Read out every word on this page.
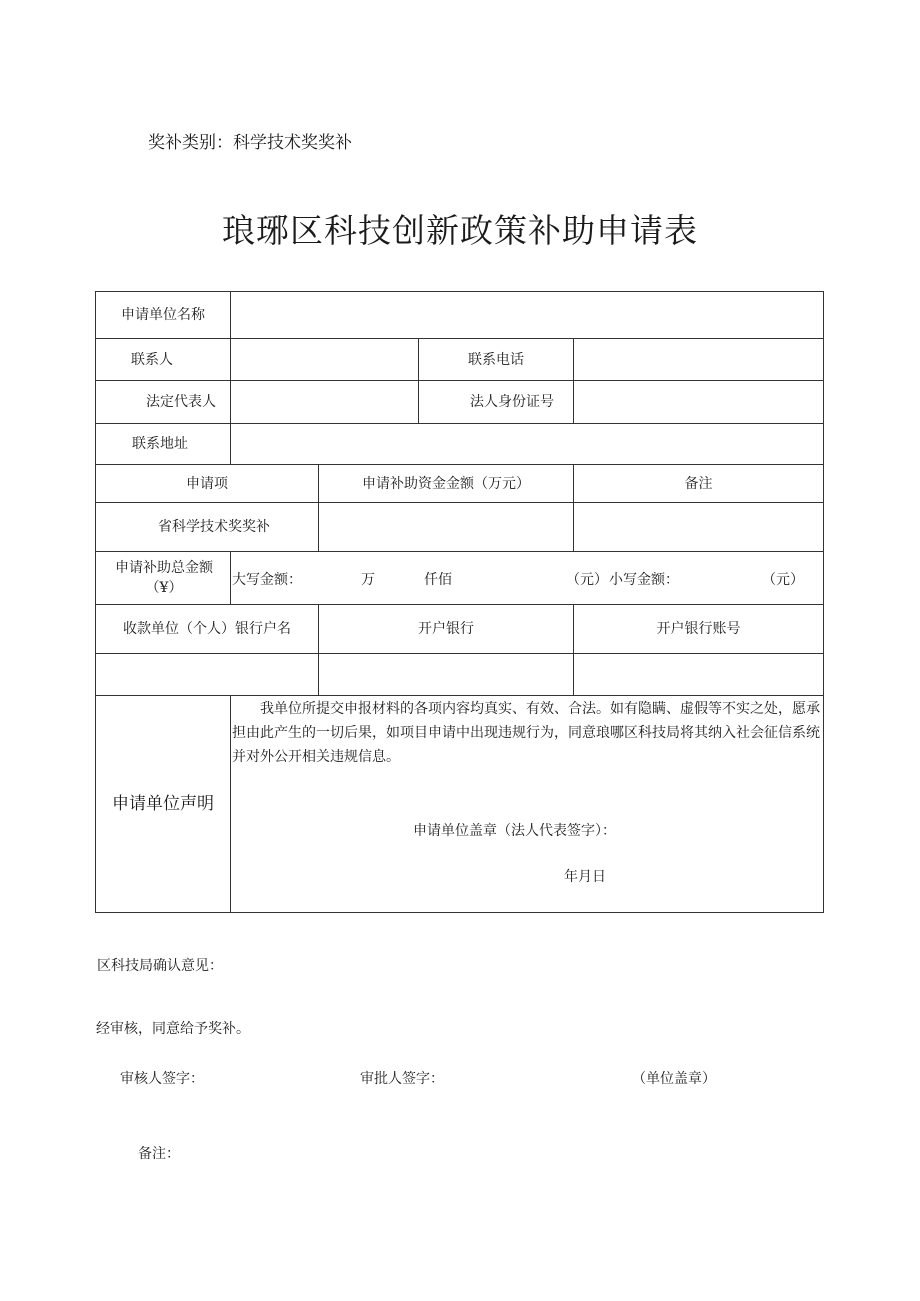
奖补类别：科学技术奖奖补
琅琊区科技创新政策补助申请表
申请单位名称
联系人	联系电话
法定代表人	法人身份证号
联系地址
申请项	申请补助资金金额（万元）	备注
省科学技术奖奖补
申请补助总金额（¥）	大写金额：	万	仟佰	（元） 小写金额：	（元）
收款单位（个人）银行户名	开户银行	开户银行账号
申请单位声明
我单位所提交申报材料的各项内容均真实、有效、合法。如有隐瞒、虚假等不实之处，愿承担由此产生的一切后果，如项目申请中出现违规行为，同意琅哪区科技局将其纳入社会征信系统并对外公开相关违规信息。
申请单位盖章（法人代表签字）：
年月日
区科技局确认意见：
经审核，同意给予奖补。
审核人签字：	审批人签字：	（单位盖章）
备注：
